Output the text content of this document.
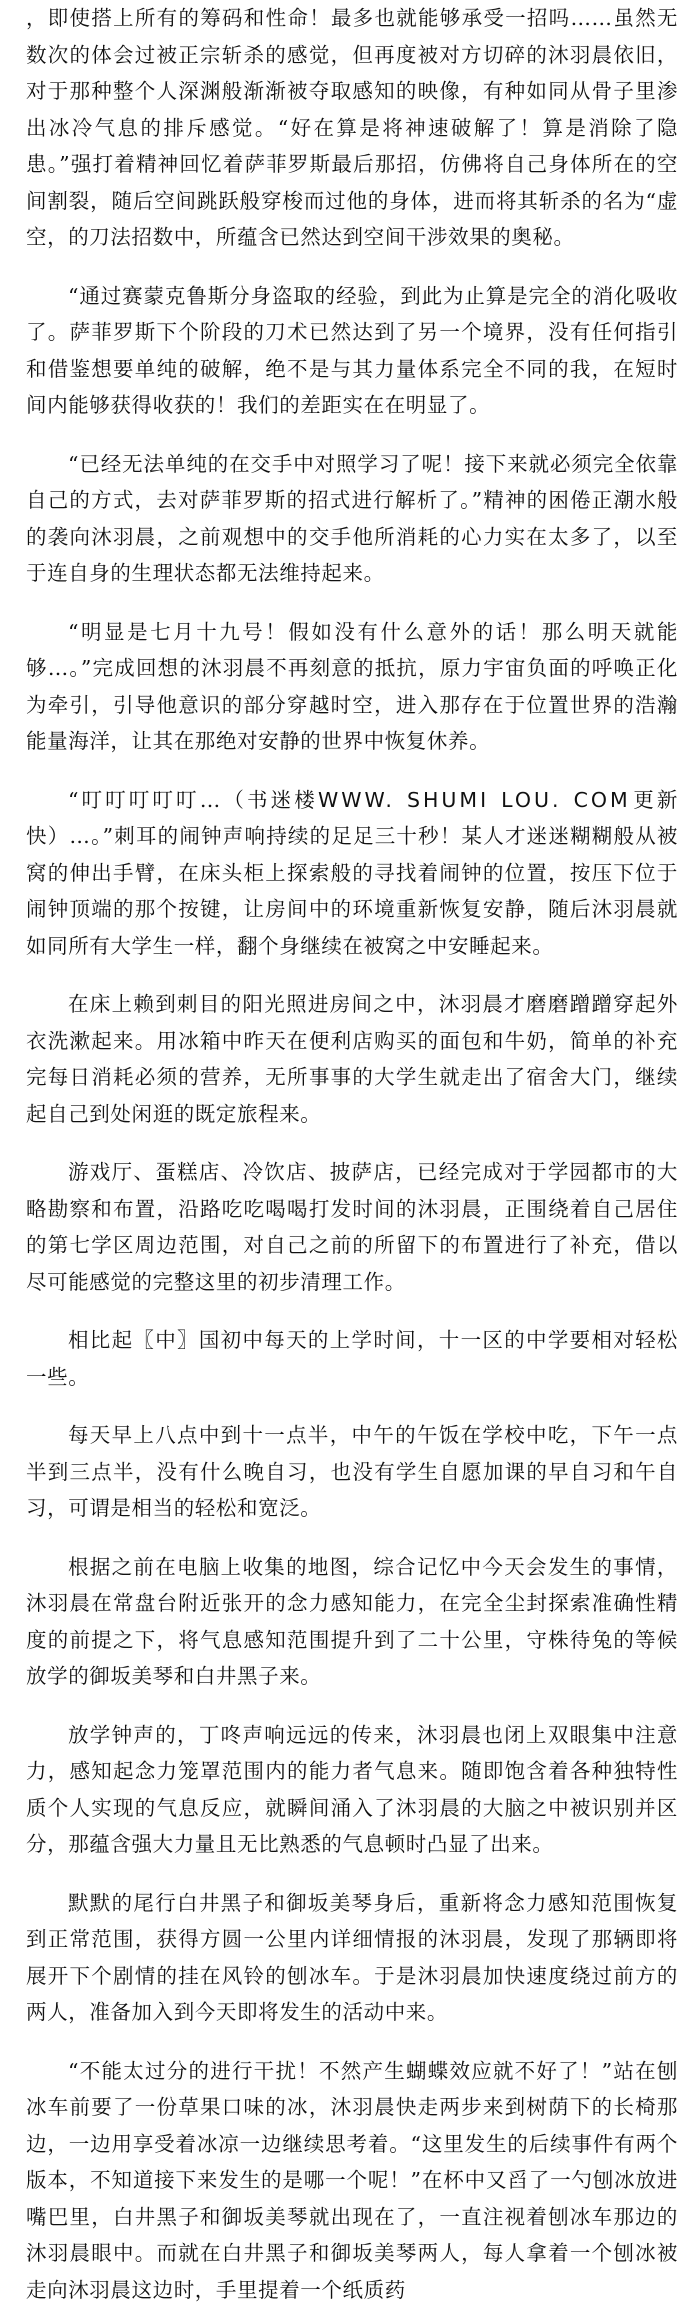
，即使搭上所有的筹码和性命！最多也就能够承受一招吗……虽然无数次的体会过被正宗斩杀的感觉，但再度被对方切碎的沐羽晨依旧，对于那种整个人深渊般渐渐被夺取感知的映像，有种如同从骨子里渗出冰冷气息的排斥感觉。“好在算是将神速破解了！算是消除了隐患。”强打着精神回忆着萨菲罗斯最后那招，仿佛将自己身体所在的空间割裂，随后空间跳跃般穿梭而过他的身体，进而将其斩杀的名为“虚空，的刀法招数中，所蕴含已然达到空间干涉效果的奥秘。

“通过赛蒙克鲁斯分身盗取的经验，到此为止算是完全的消化吸收了。萨菲罗斯下个阶段的刀术已然达到了另一个境界，没有任何指引和借鉴想要单纯的破解，绝不是与其力量体系完全不同的我，在短时间内能够获得收获的！我们的差距实在在明显了。

“已经无法单纯的在交手中对照学习了呢！接下来就必须完全依靠自己的方式，去对萨菲罗斯的招式进行解析了。”精神的困倦正潮水般的袭向沐羽晨，之前观想中的交手他所消耗的心力实在太多了，以至于连自身的生理状态都无法维持起来。

“明显是七月十九号！假如没有什么意外的话！那么明天就能够…。”完成回想的沐羽晨不再刻意的抵抗，原力宇宙负面的呼唤正化为牵引，引导他意识的部分穿越时空，进入那存在于位置世界的浩瀚能量海洋，让其在那绝对安静的世界中恢复休养。

“叮叮叮叮叮…（书迷楼WWW. SHUMI LOU. COM更新快）…。”刺耳的闹钟声响持续的足足三十秒！某人才迷迷糊糊般从被窝的伸出手臂，在床头柜上探索般的寻找着闹钟的位置，按压下位于闹钟顶端的那个按键，让房间中的环境重新恢复安静，随后沐羽晨就如同所有大学生一样，翻个身继续在被窝之中安睡起来。

在床上赖到刺目的阳光照进房间之中，沐羽晨才磨磨蹭蹭穿起外衣洗漱起来。用冰箱中昨天在便利店购买的面包和牛奶，简单的补充完每日消耗必须的营养，无所事事的大学生就走出了宿舍大门，继续起自己到处闲逛的既定旅程来。

游戏厅、蛋糕店、冷饮店、披萨店，已经完成对于学园都市的大略勘察和布置，沿路吃吃喝喝打发时间的沐羽晨，正围绕着自己居住的第七学区周边范围，对自己之前的所留下的布置进行了补充，借以尽可能感觉的完整这里的初步清理工作。

相比起〖中〗国初中每天的上学时间，十一区的中学要相对轻松一些。

每天早上八点中到十一点半，中午的午饭在学校中吃，下午一点半到三点半，没有什么晚自习，也没有学生自愿加课的早自习和午自习，可谓是相当的轻松和宽泛。

根据之前在电脑上收集的地图，综合记忆中今天会发生的事情，沐羽晨在常盘台附近张开的念力感知能力，在完全尘封探索准确性精度的前提之下，将气息感知范围提升到了二十公里，守株待兔的等候放学的御坂美琴和白井黑子来。

放学钟声的，丁咚声响远远的传来，沐羽晨也闭上双眼集中注意力，感知起念力笼罩范围内的能力者气息来。随即饱含着各种独特性质个人实现的气息反应，就瞬间涌入了沐羽晨的大脑之中被识别并区分，那蕴含强大力量且无比熟悉的气息顿时凸显了出来。

默默的尾行白井黑子和御坂美琴身后，重新将念力感知范围恢复到正常范围，获得方圆一公里内详细情报的沐羽晨，发现了那辆即将展开下个剧情的挂在风铃的刨冰车。于是沐羽晨加快速度绕过前方的两人，准备加入到今天即将发生的活动中来。

“不能太过分的进行干扰！不然产生蝴蝶效应就不好了！”站在刨冰车前要了一份草果口味的冰，沐羽晨快走两步来到树荫下的长椅那边，一边用享受着冰凉一边继续思考着。“这里发生的后续事件有两个版本，不知道接下来发生的是哪一个呢！”在杯中又舀了一勺刨冰放进嘴巴里，白井黑子和御坂美琴就出现在了，一直注视着刨冰车那边的沐羽晨眼中。而就在白井黑子和御坂美琴两人，每人拿着一个刨冰被走向沐羽晨这边时，手里提着一个纸质药
